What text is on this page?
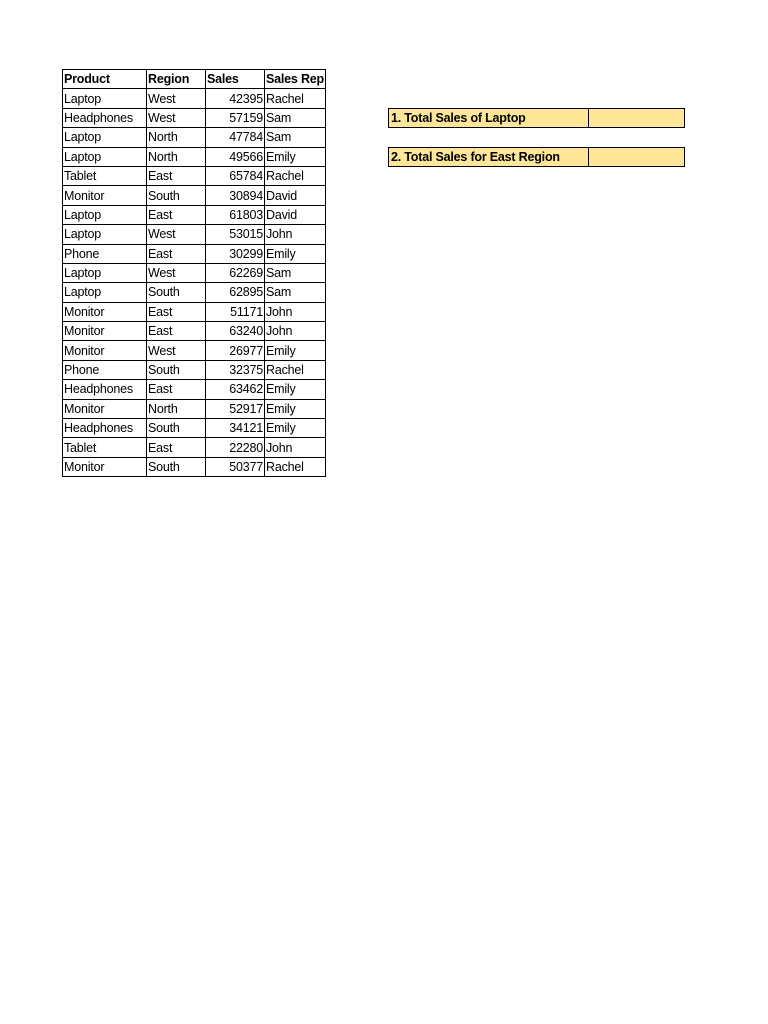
Product	Region	Sales	Sales Rep
Laptop	West	42395	Rachel
Headphones	West	57159	Sam
Laptop	North	47784	Sam
Laptop	North	49566	Emily
Tablet	East	65784	Rachel
Monitor	South	30894	David
Laptop	East	61803	David
Laptop	West	53015	John
Phone	East	30299	Emily
Laptop	West	62269	Sam
Laptop	South	62895	Sam
Monitor	East	51171	John
Monitor	East	63240	John
Monitor	West	26977	Emily
Phone	South	32375	Rachel
Headphones	East	63462	Emily
Monitor	North	52917	Emily
Headphones	South	34121	Emily
Tablet	East	22280	John
Monitor	South	50377	Rachel
1. Total Sales of Laptop
2. Total Sales for East Region
